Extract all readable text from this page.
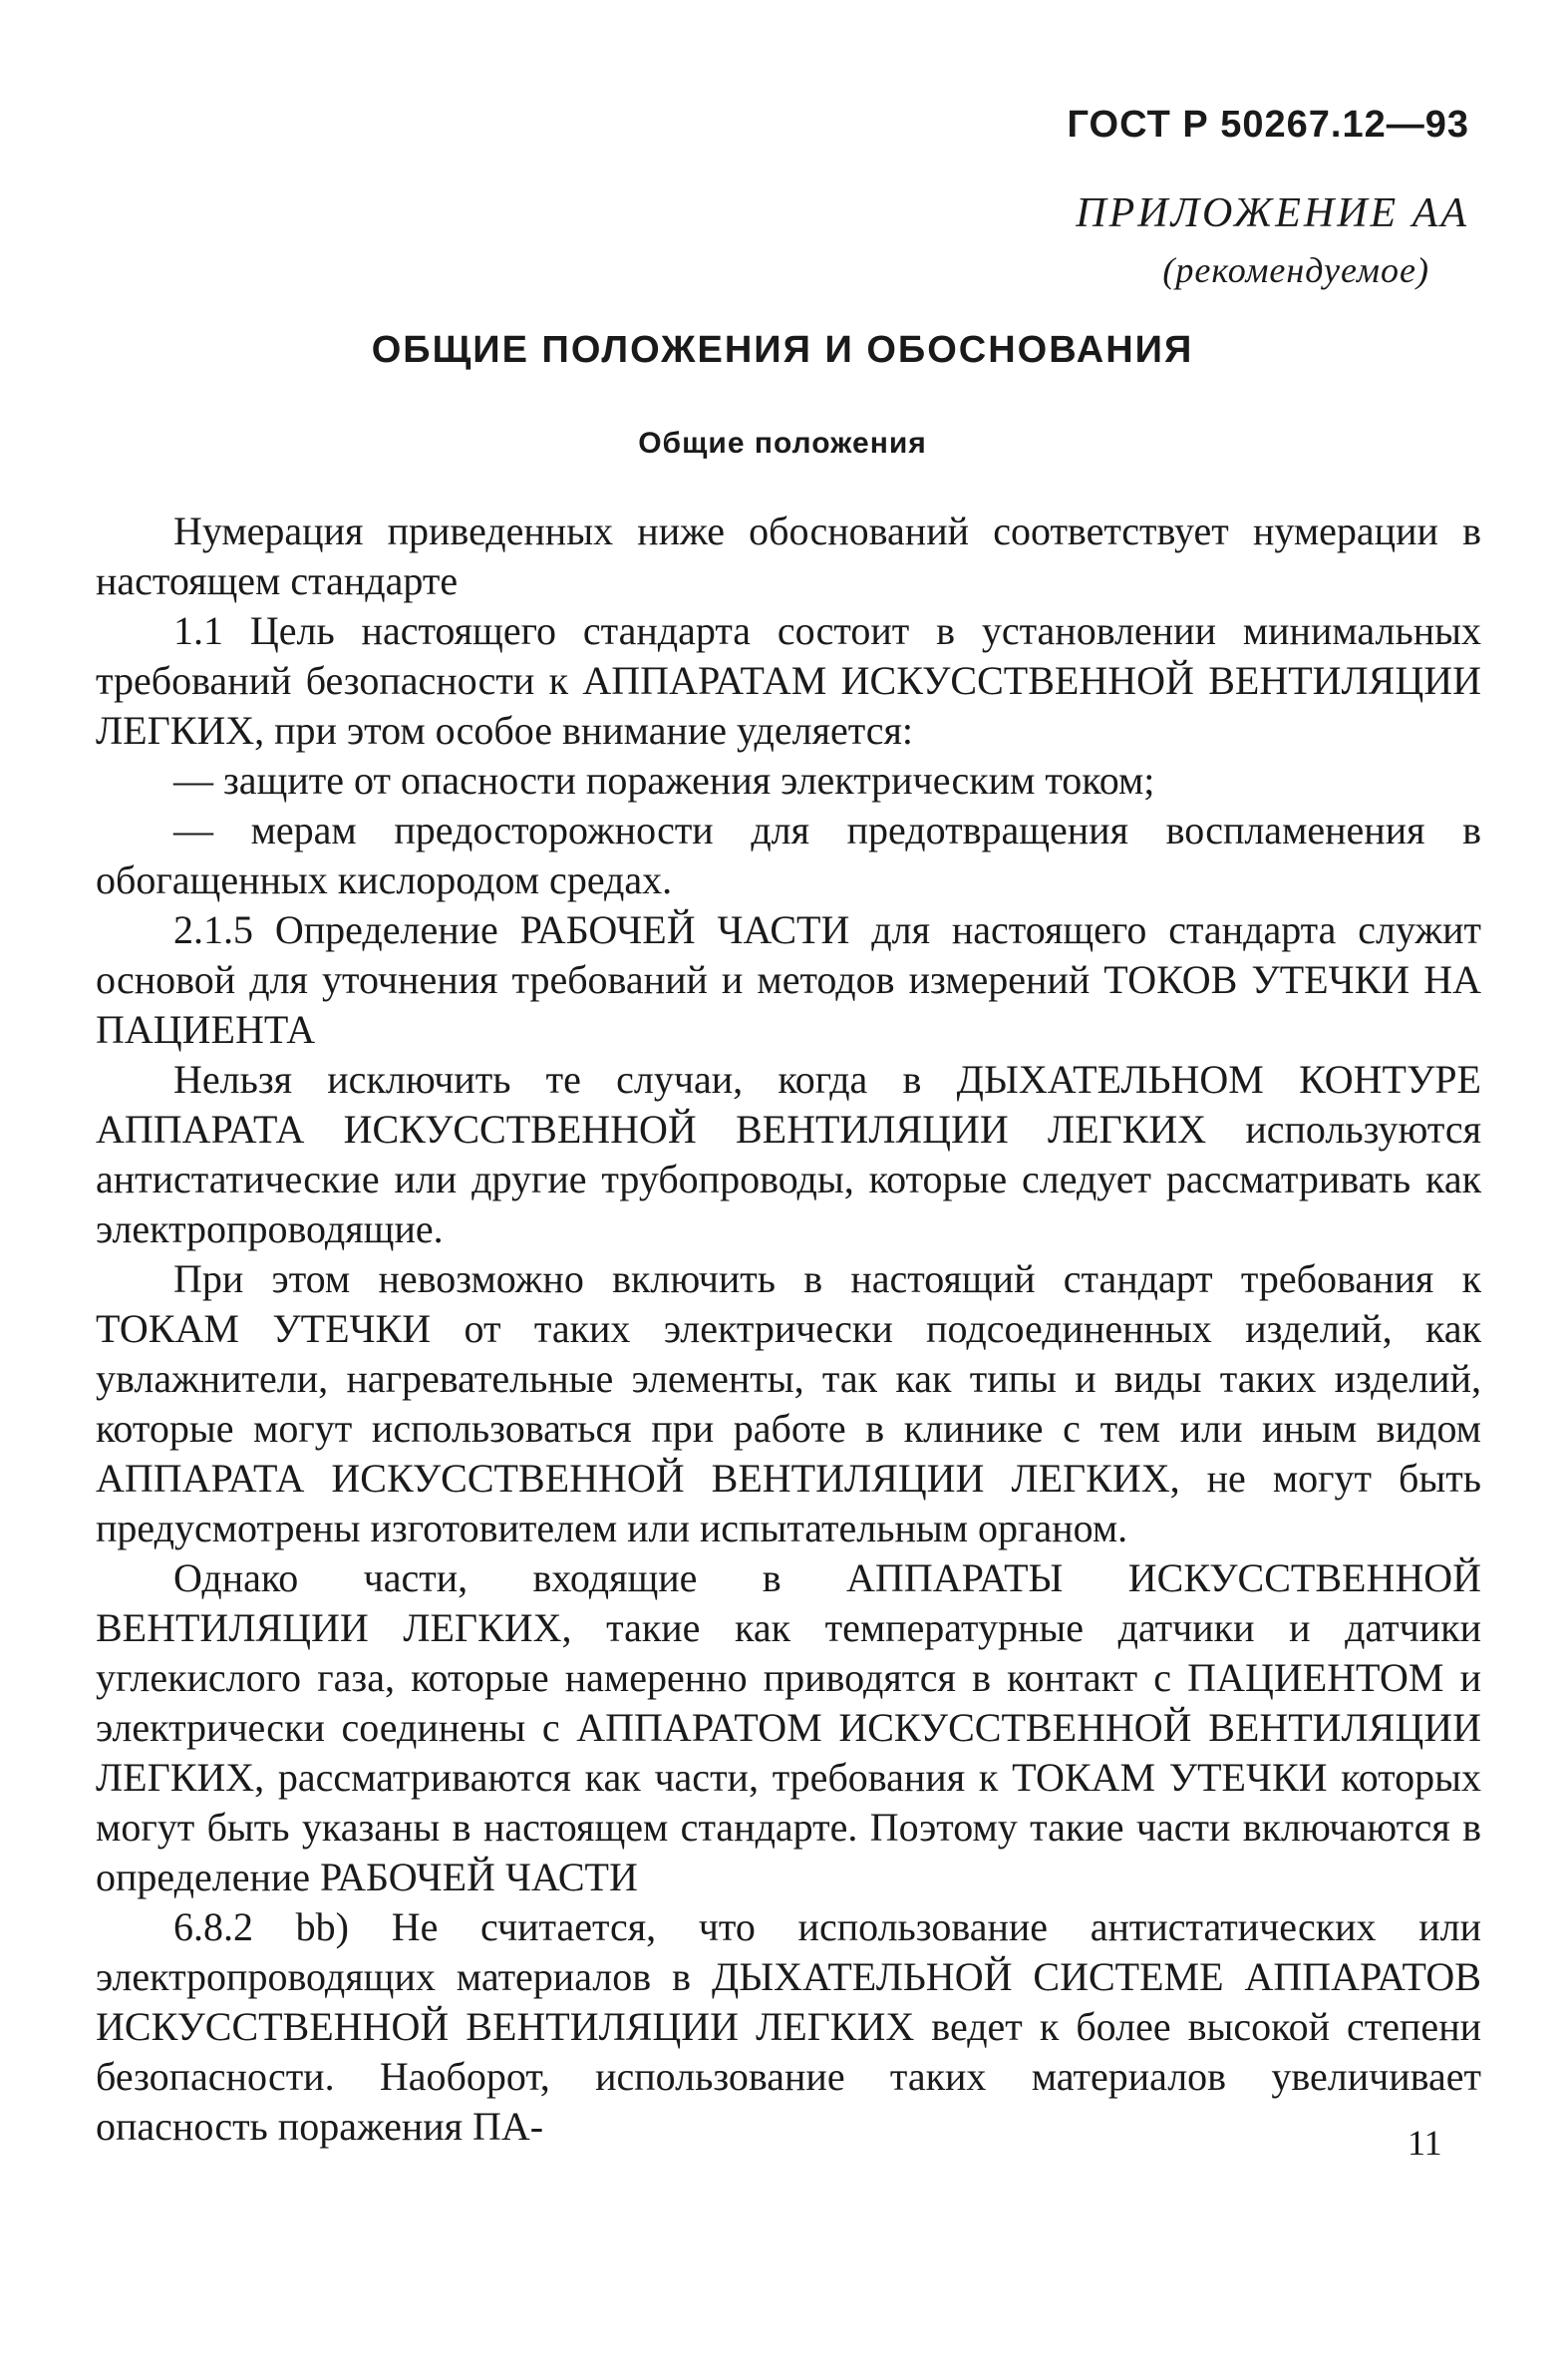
ГОСТ Р 50267.12—93
ПРИЛОЖЕНИЕ АА
(рекомендуемое)
ОБЩИЕ ПОЛОЖЕНИЯ И ОБОСНОВАНИЯ
Общие положения

Нумерация приведенных ниже обоснований соответствует нумерации в настоящем стандарте

1.1 Цель настоящего стандарта состоит в установлении минимальных требований безопасности к АППАРАТАМ ИСКУССТВЕННОЙ ВЕНТИЛЯЦИИ ЛЕГКИХ, при этом особое внимание уделяется:

— защите от опасности поражения электрическим током;

— мерам предосторожности для предотвращения воспламенения в обогащенных кислородом средах.

2.1.5 Определение РАБОЧЕЙ ЧАСТИ для настоящего стандарта служит основой для уточнения требований и методов измерений ТОКОВ УТЕЧКИ НА ПАЦИЕНТА

Нельзя исключить те случаи, когда в ДЫХАТЕЛЬНОМ КОНТУРЕ АППАРАТА ИСКУССТВЕННОЙ ВЕНТИЛЯЦИИ ЛЕГКИХ используются антистатические или другие трубопроводы, которые следует рассматривать как электропроводящие.

При этом невозможно включить в настоящий стандарт требования к ТОКАМ УТЕЧКИ от таких электрически подсоединенных изделий, как увлажнители, нагревательные элементы, так как типы и виды таких изделий, которые могут использоваться при работе в клинике с тем или иным видом АППАРАТА ИСКУССТВЕННОЙ ВЕНТИЛЯЦИИ ЛЕГКИХ, не могут быть предусмотрены изготовителем или испытательным органом.

Однако части, входящие в АППАРАТЫ ИСКУССТВЕННОЙ ВЕНТИЛЯЦИИ ЛЕГКИХ, такие как температурные датчики и датчики углекислого газа, которые намеренно приводятся в контакт с ПАЦИЕНТОМ и электрически соединены с АППАРАТОМ ИСКУССТВЕННОЙ ВЕНТИЛЯЦИИ ЛЕГКИХ, рассматриваются как части, требования к ТОКАМ УТЕЧКИ которых могут быть указаны в настоящем стандарте. Поэтому такие части включаются в определение РАБОЧЕЙ ЧАСТИ

6.8.2 bb) Не считается, что использование антистатических или электропроводящих материалов в ДЫХАТЕЛЬНОЙ СИСТЕМЕ АППАРАТОВ ИСКУССТВЕННОЙ ВЕНТИЛЯЦИИ ЛЕГКИХ ведет к более высокой степени безопасности. Наоборот, использование таких материалов увеличивает опасность поражения ПА-	11
